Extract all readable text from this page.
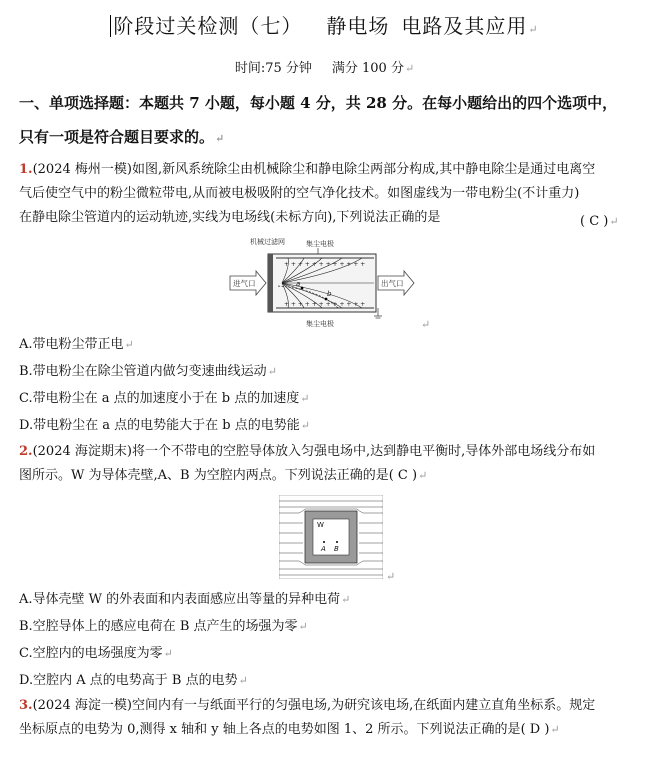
阶段过关检测（七） 静电场 电路及其应用↵
时间:75 分钟 满分 100 分↵
一、单项选择题：本题共 7 小题，每小题 4 分，共 28 分。在每小题给出的四个选项中，
只有一项是符合题目要求的。↵
1.(2024 梅州一模)如图,新风系统除尘由机械除尘和静电除尘两部分构成,其中静电除尘是通过电离空
气后使空气中的粉尘微粒带电,从而被电极吸附的空气净化技术。如图虚线为一带电粉尘(不计重力)
在静电除尘管道内的运动轨迹,实线为电场线(未标方向),下列说法正确的是	( C )↵
机械过滤网	集尘电极
进气口	出气口
a
b
+ + + + + + + + + + + +
+ + + + + + + + + + + +
集尘电极	↵
A.带电粉尘带正电↵
B.带电粉尘在除尘管道内做匀变速曲线运动↵
C.带电粉尘在 a 点的加速度小于在 b 点的加速度↵
D.带电粉尘在 a 点的电势能大于在 b 点的电势能↵
2.(2024 海淀期末)将一个不带电的空腔导体放入匀强电场中,达到静电平衡时,导体外部电场线分布如
图所示。W 为导体壳壁,A、B 为空腔内两点。下列说法正确的是( C )↵
W
A B
↵
A.导体壳壁 W 的外表面和内表面感应出等量的异种电荷↵
B.空腔导体上的感应电荷在 B 点产生的场强为零↵
C.空腔内的电场强度为零↵
D.空腔内 A 点的电势高于 B 点的电势↵
3.(2024 海淀一模)空间内有一与纸面平行的匀强电场,为研究该电场,在纸面内建立直角坐标系。规定
坐标原点的电势为 0,测得 x 轴和 y 轴上各点的电势如图 1、2 所示。下列说法正确的是( D )↵
